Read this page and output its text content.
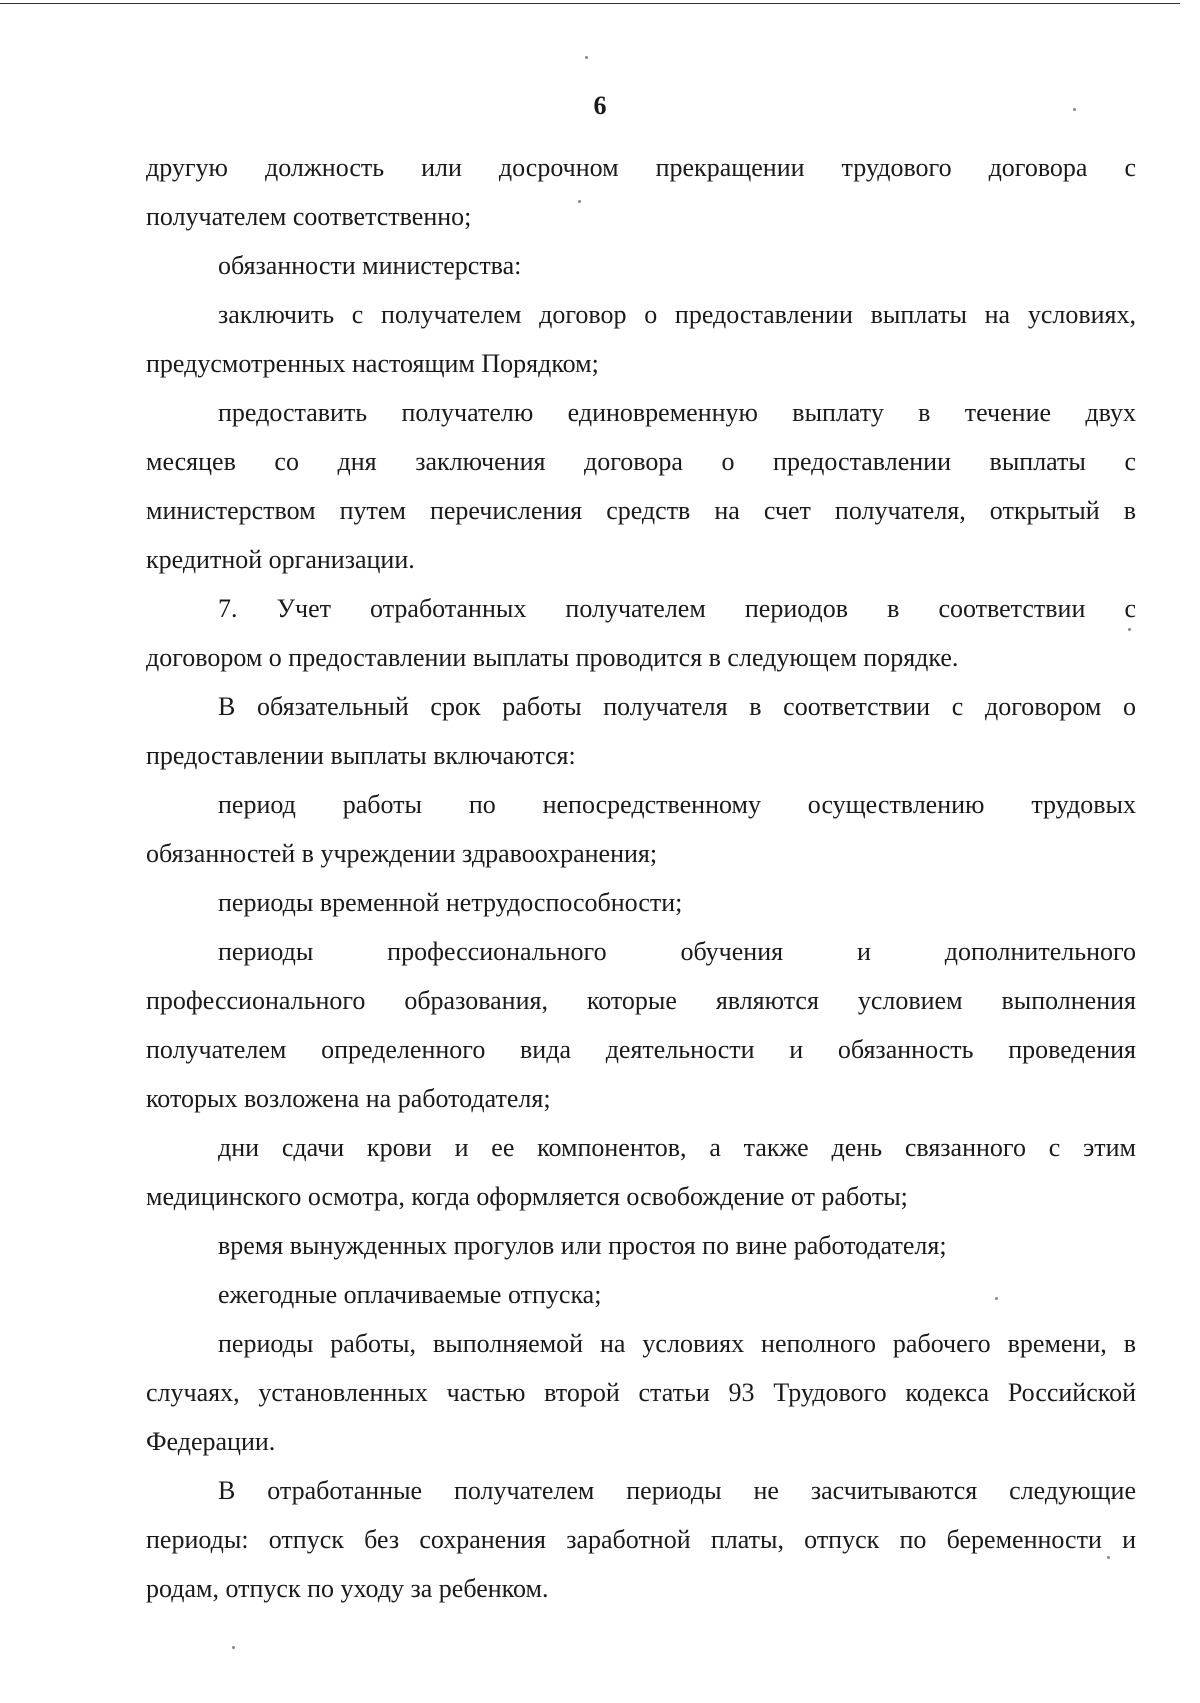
6
другую должность или досрочном прекращении трудового договора с
получателем соответственно;
обязанности министерства:
заключить с получателем договор о предоставлении выплаты на условиях,
предусмотренных настоящим Порядком;
предоставить получателю единовременную выплату в течение двух
месяцев со дня заключения договора о предоставлении выплаты с
министерством путем перечисления средств на счет получателя, открытый в
кредитной организации.
7. Учет отработанных получателем периодов в соответствии с
договором о предоставлении выплаты проводится в следующем порядке.
В обязательный срок работы получателя в соответствии с договором о
предоставлении выплаты включаются:
период работы по непосредственному осуществлению трудовых
обязанностей в учреждении здравоохранения;
периоды временной нетрудоспособности;
периоды профессионального обучения и дополнительного
профессионального образования, которые являются условием выполнения
получателем определенного вида деятельности и обязанность проведения
которых возложена на работодателя;
дни сдачи крови и ее компонентов, а также день связанного с этим
медицинского осмотра, когда оформляется освобождение от работы;
время вынужденных прогулов или простоя по вине работодателя;
ежегодные оплачиваемые отпуска;
периоды работы, выполняемой на условиях неполного рабочего времени, в
случаях, установленных частью второй статьи 93 Трудового кодекса Российской
Федерации.
В отработанные получателем периоды не засчитываются следующие
периоды: отпуск без сохранения заработной платы, отпуск по беременности и
родам, отпуск по уходу за ребенком.
